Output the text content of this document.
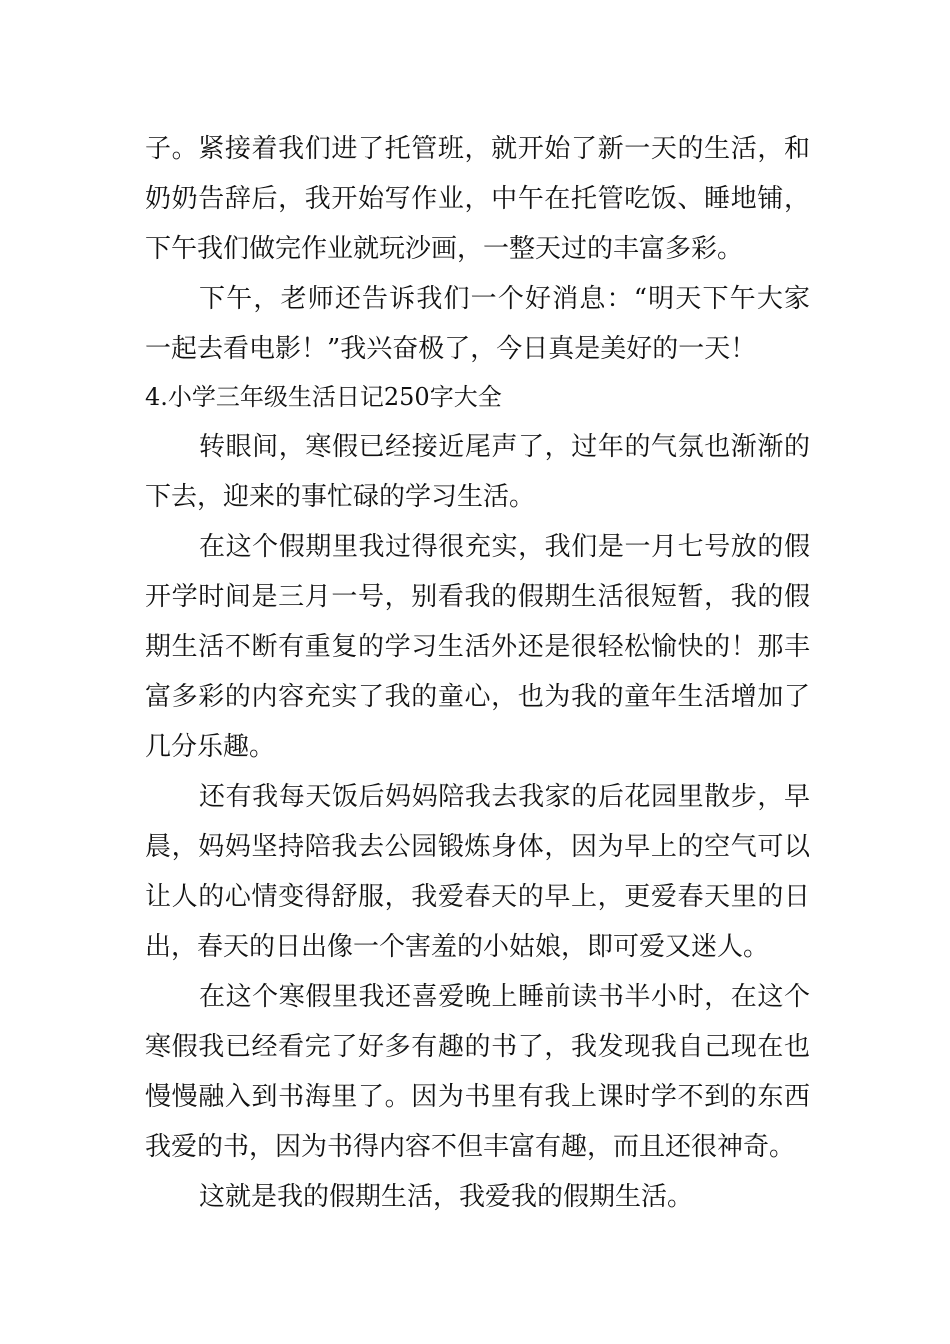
子。紧接着我们进了托管班，就开始了新一天的生活，和
奶奶告辞后，我开始写作业，中午在托管吃饭、睡地铺，
下午我们做完作业就玩沙画，一整天过的丰富多彩。
下午，老师还告诉我们一个好消息：“明天下午大家
一起去看电影！”我兴奋极了，今日真是美好的一天！
4.小学三年级生活日记250字大全
转眼间，寒假已经接近尾声了，过年的气氛也渐渐的
下去，迎来的事忙碌的学习生活。
在这个假期里我过得很充实，我们是一月七号放的假
开学时间是三月一号，别看我的假期生活很短暂，我的假
期生活不断有重复的学习生活外还是很轻松愉快的！那丰
富多彩的内容充实了我的童心，也为我的童年生活增加了
几分乐趣。
还有我每天饭后妈妈陪我去我家的后花园里散步，早
晨，妈妈坚持陪我去公园锻炼身体，因为早上的空气可以
让人的心情变得舒服，我爱春天的早上，更爱春天里的日
出，春天的日出像一个害羞的小姑娘，即可爱又迷人。
在这个寒假里我还喜爱晚上睡前读书半小时，在这个
寒假我已经看完了好多有趣的书了，我发现我自己现在也
慢慢融入到书海里了。因为书里有我上课时学不到的东西
我爱的书，因为书得内容不但丰富有趣，而且还很神奇。
这就是我的假期生活，我爱我的假期生活。
